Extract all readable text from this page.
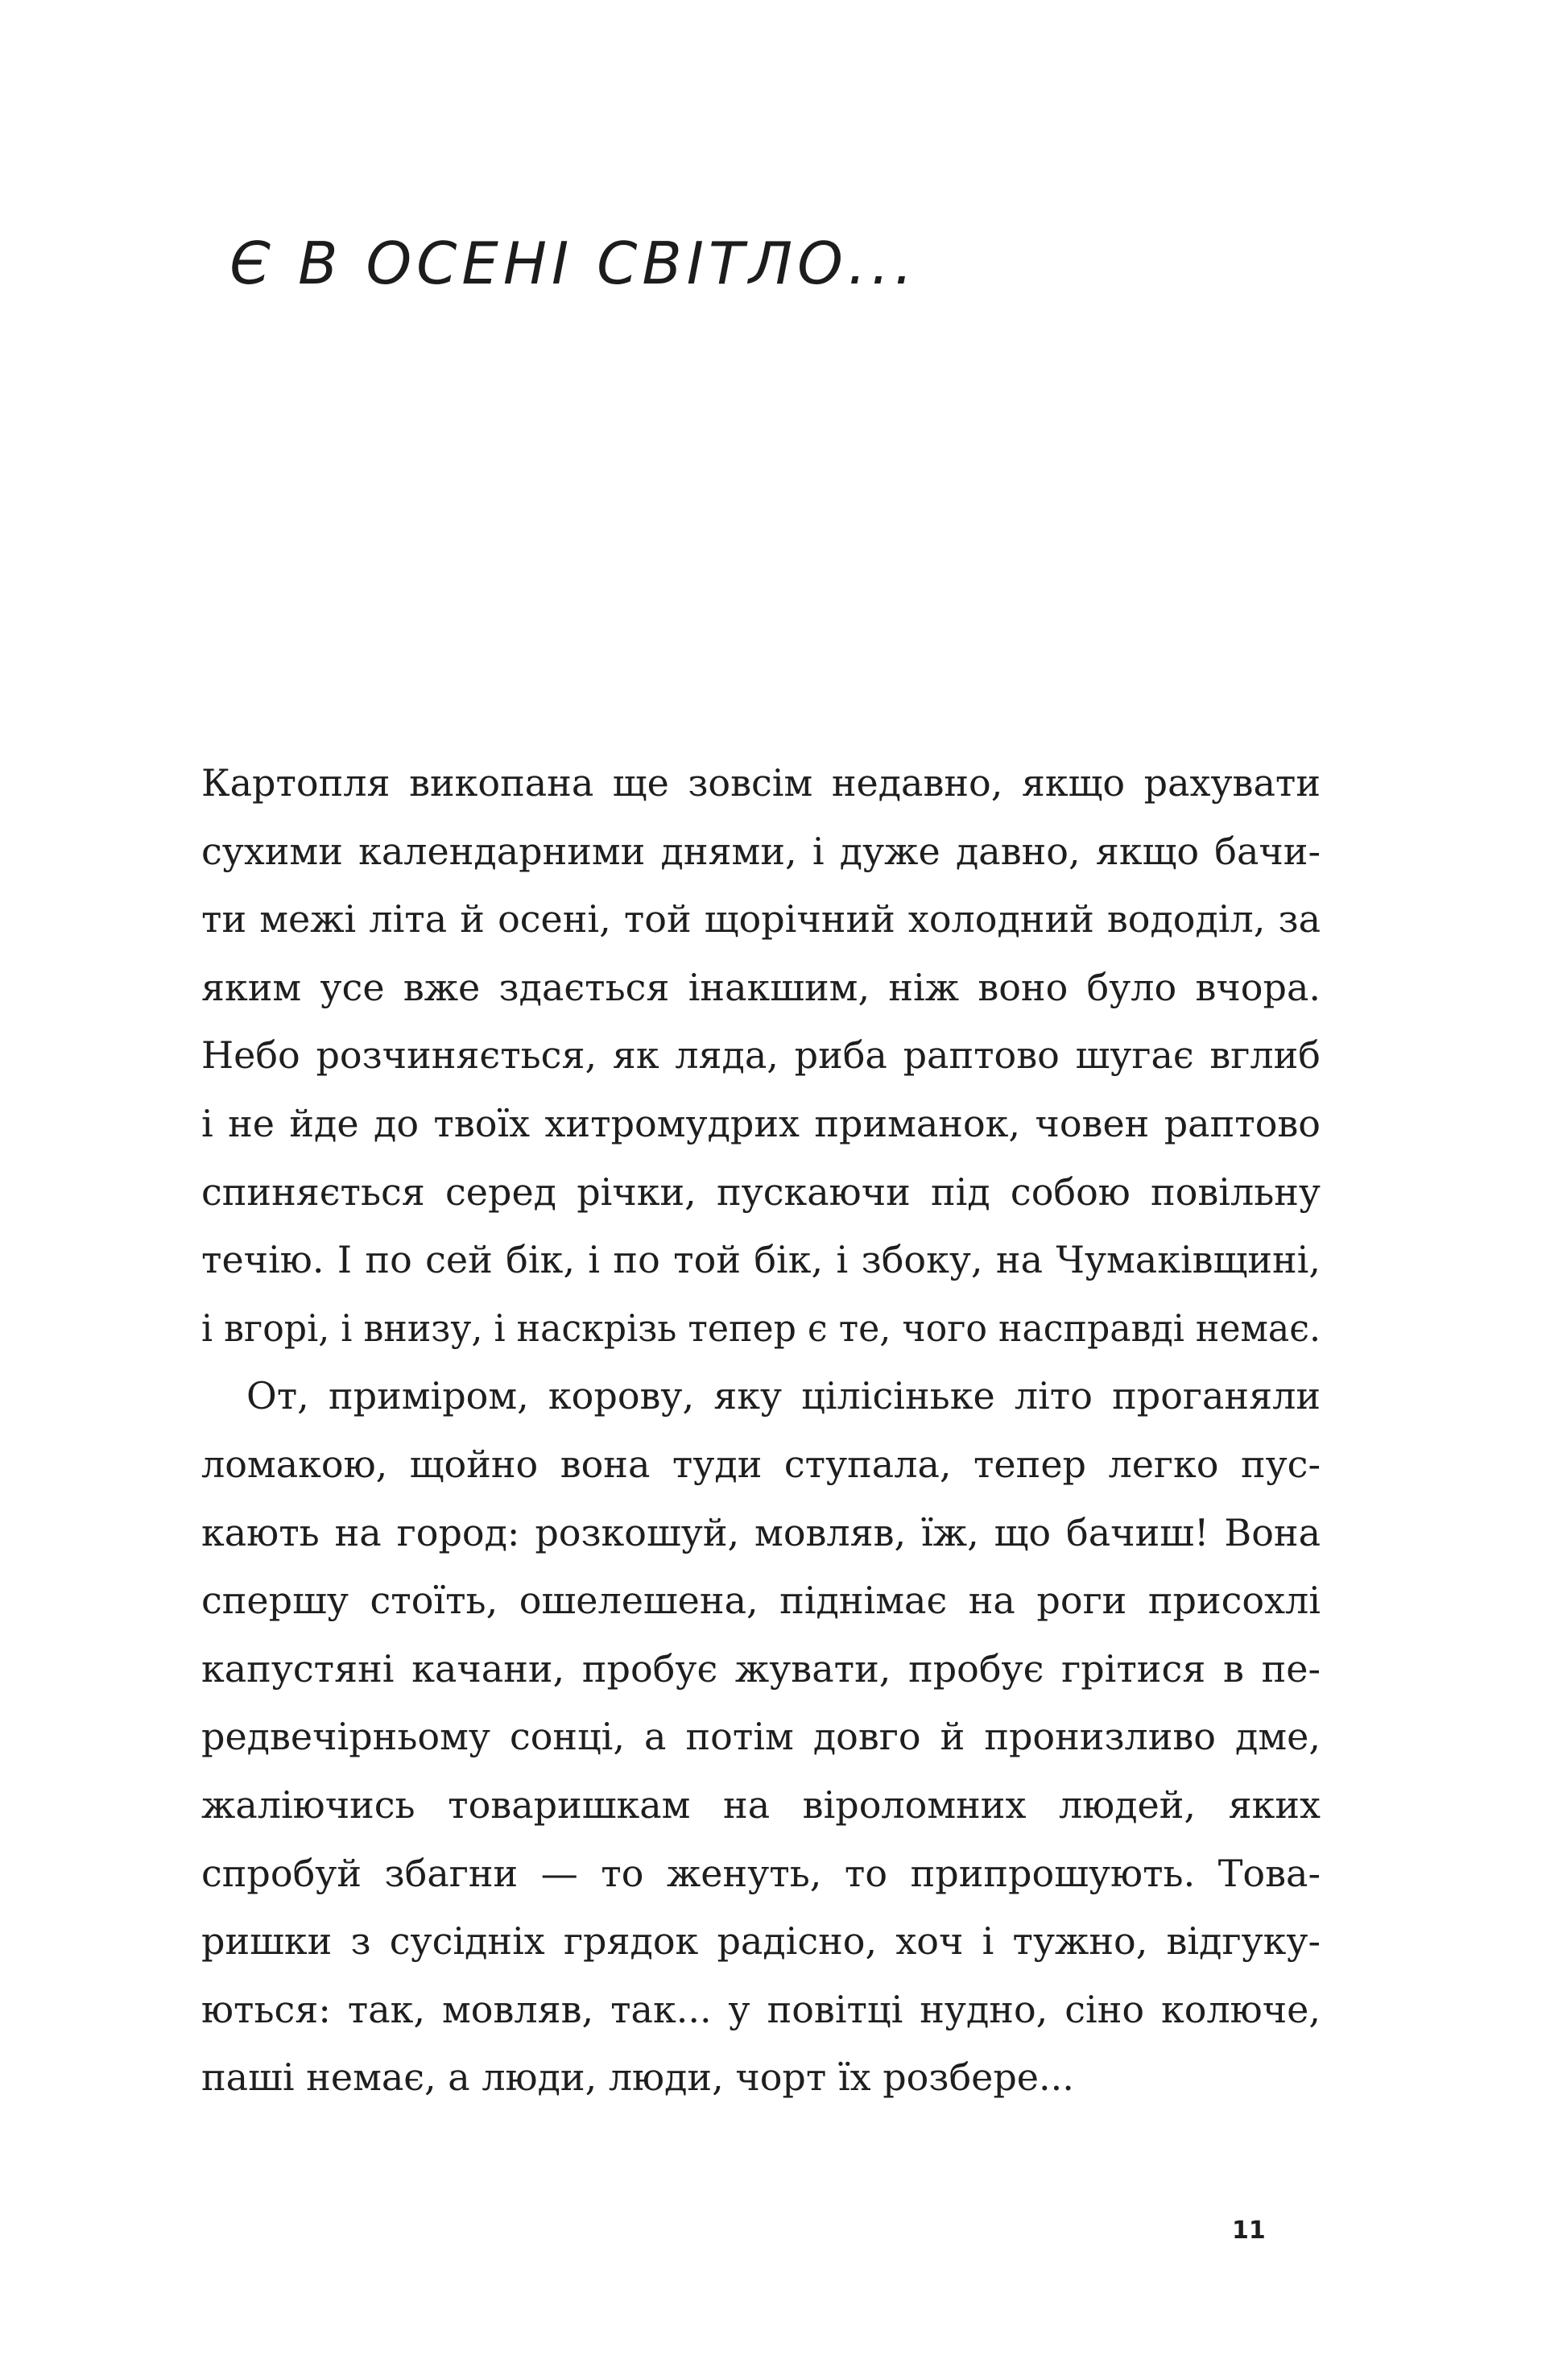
Є В ОСЕНІ СВІТЛО...
Картопля викопана ще зовсім недавно, якщо рахувати
сухими календарними днями, і дуже давно, якщо бачи-
ти межі літа й осені, той щорічний холодний вододіл, за
яким усе вже здається інакшим, ніж воно було вчора.
Небо розчиняється, як ляда, риба раптово шугає вглиб
і не йде до твоїх хитромудрих приманок, човен раптово
спиняється серед річки, пускаючи під собою повільну
течію. І по сей бік, і по той бік, і збоку, на Чумаківщині,
і вгорі, і внизу, і наскрізь тепер є те, чого насправді немає.
От, приміром, корову, яку цілісіньке літо проганяли
ломакою, щойно вона туди ступала, тепер легко пус-
кають на город: розкошуй, мовляв, їж, що бачиш! Вона
спершу стоїть, ошелешена, піднімає на роги присохлі
капустяні качани, пробує жувати, пробує грітися в пе-
редвечірньому сонці, а потім довго й пронизливо дме,
жаліючись товаришкам на віроломних людей, яких
спробуй збагни — то женуть, то припрошують. Това-
ришки з сусідніх грядок радісно, хоч і тужно, відгуку-
ються: так, мовляв, так... у повітці нудно, сіно колюче,
паші немає, а люди, люди, чорт їх розбере...
11
